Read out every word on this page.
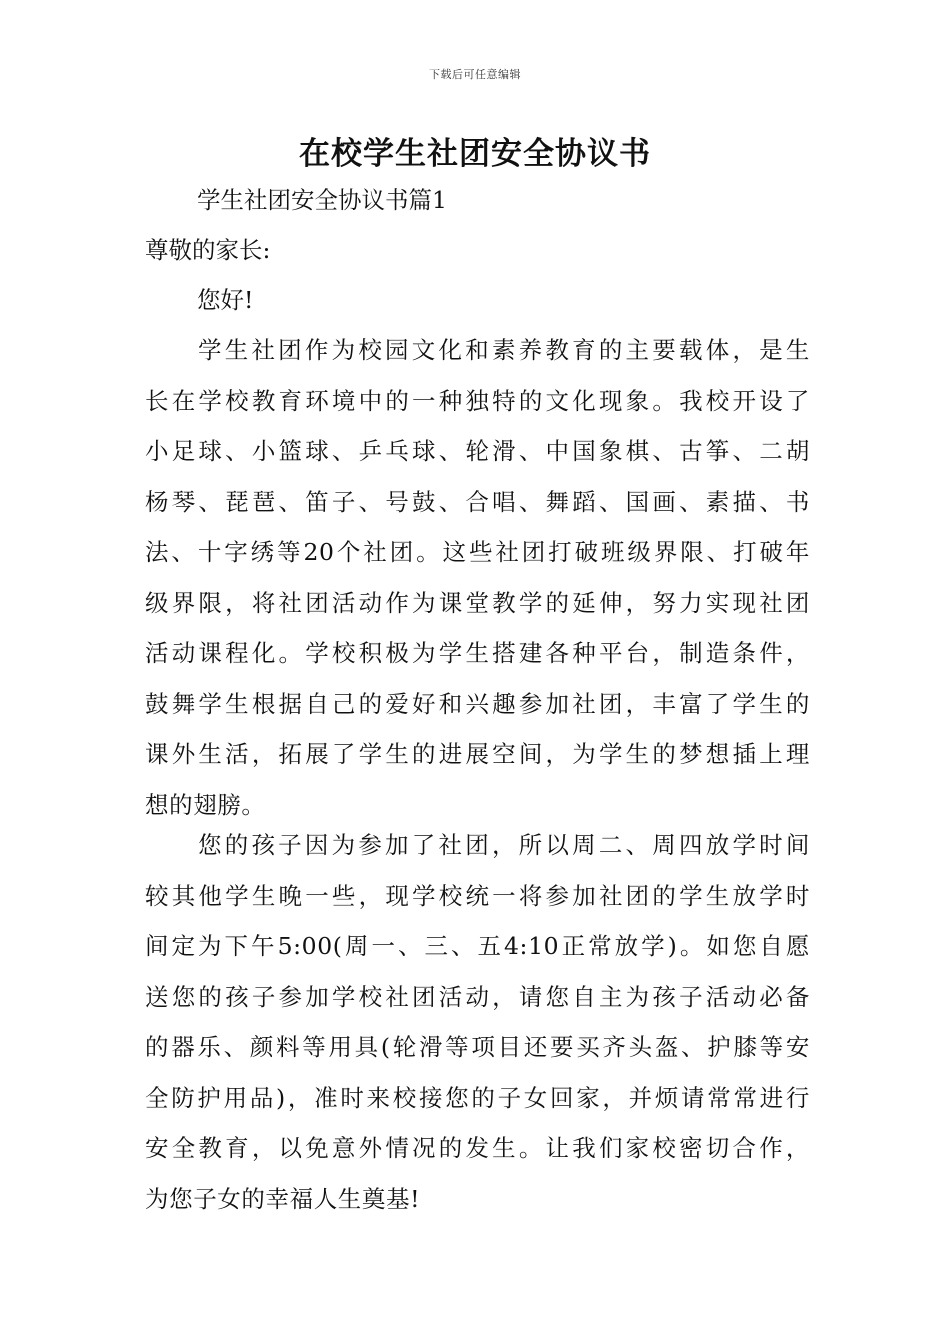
下载后可任意编辑
在校学生社团安全协议书
学生社团安全协议书篇1
尊敬的家长:
您好!
学生社团作为校园文化和素养教育的主要载体，是生
长在学校教育环境中的一种独特的文化现象。我校开设了
小足球、小篮球、乒乓球、轮滑、中国象棋、古筝、二胡
杨琴、琵琶、笛子、号鼓、合唱、舞蹈、国画、素描、书
法、十字绣等20个社团。这些社团打破班级界限、打破年
级界限，将社团活动作为课堂教学的延伸，努力实现社团
活动课程化。学校积极为学生搭建各种平台，制造条件，
鼓舞学生根据自己的爱好和兴趣参加社团，丰富了学生的
课外生活，拓展了学生的进展空间，为学生的梦想插上理
想的翅膀。
您的孩子因为参加了社团，所以周二、周四放学时间
较其他学生晚一些，现学校统一将参加社团的学生放学时
间定为下午5:00(周一、三、五4:10正常放学)。如您自愿
送您的孩子参加学校社团活动，请您自主为孩子活动必备
的器乐、颜料等用具(轮滑等项目还要买齐头盔、护膝等安
全防护用品)，准时来校接您的子女回家，并烦请常常进行
安全教育，以免意外情况的发生。让我们家校密切合作，
为您子女的幸福人生奠基!
